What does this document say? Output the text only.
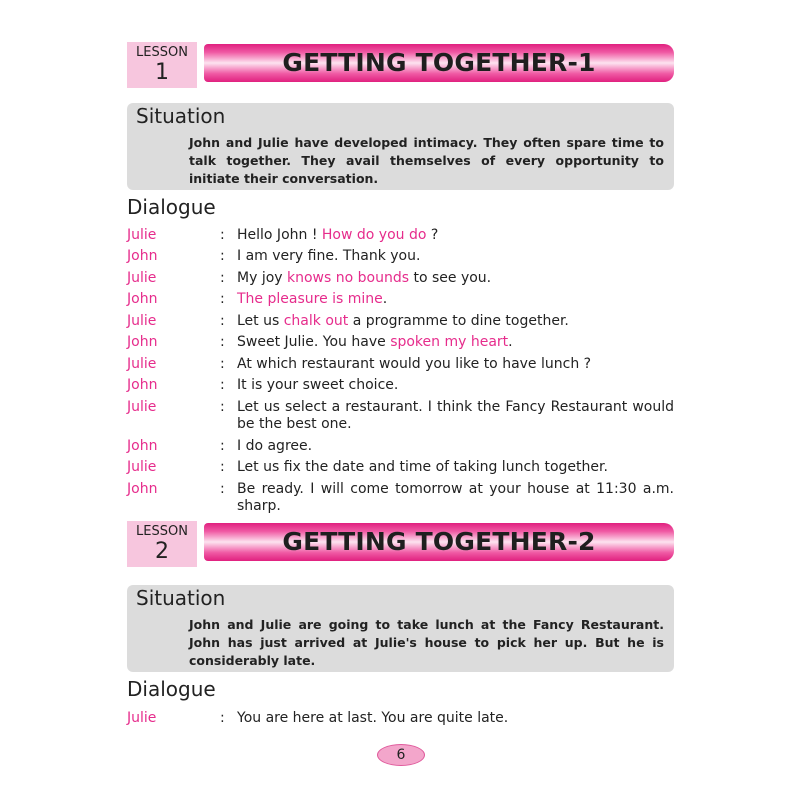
LESSON
1	GETTING TOGETHER-1
Situation
John and Julie have developed intimacy. They often spare time to talk together. They avail themselves of every opportunity to initiate their conversation.
Dialogue
Julie	: Hello John ! How do you do ?
John	: I am very fine. Thank you.
Julie	: My joy knows no bounds to see you.
John	: The pleasure is mine.
Julie	: Let us chalk out a programme to dine together.
John	: Sweet Julie. You have spoken my heart.
Julie	: At which restaurant would you like to have lunch ?
John	: It is your sweet choice.
Julie	: Let us select a restaurant. I think the Fancy Restaurant would be the best one.
John	: I do agree.
Julie	: Let us fix the date and time of taking lunch together.
John	: Be ready. I will come tomorrow at your house at 11:30 a.m. sharp.
LESSON
2	GETTING TOGETHER-2
Situation
John and Julie are going to take lunch at the Fancy Restaurant. John has just arrived at Julie's house to pick her up. But he is considerably late.
Dialogue
Julie	: You are here at last. You are quite late.
6
